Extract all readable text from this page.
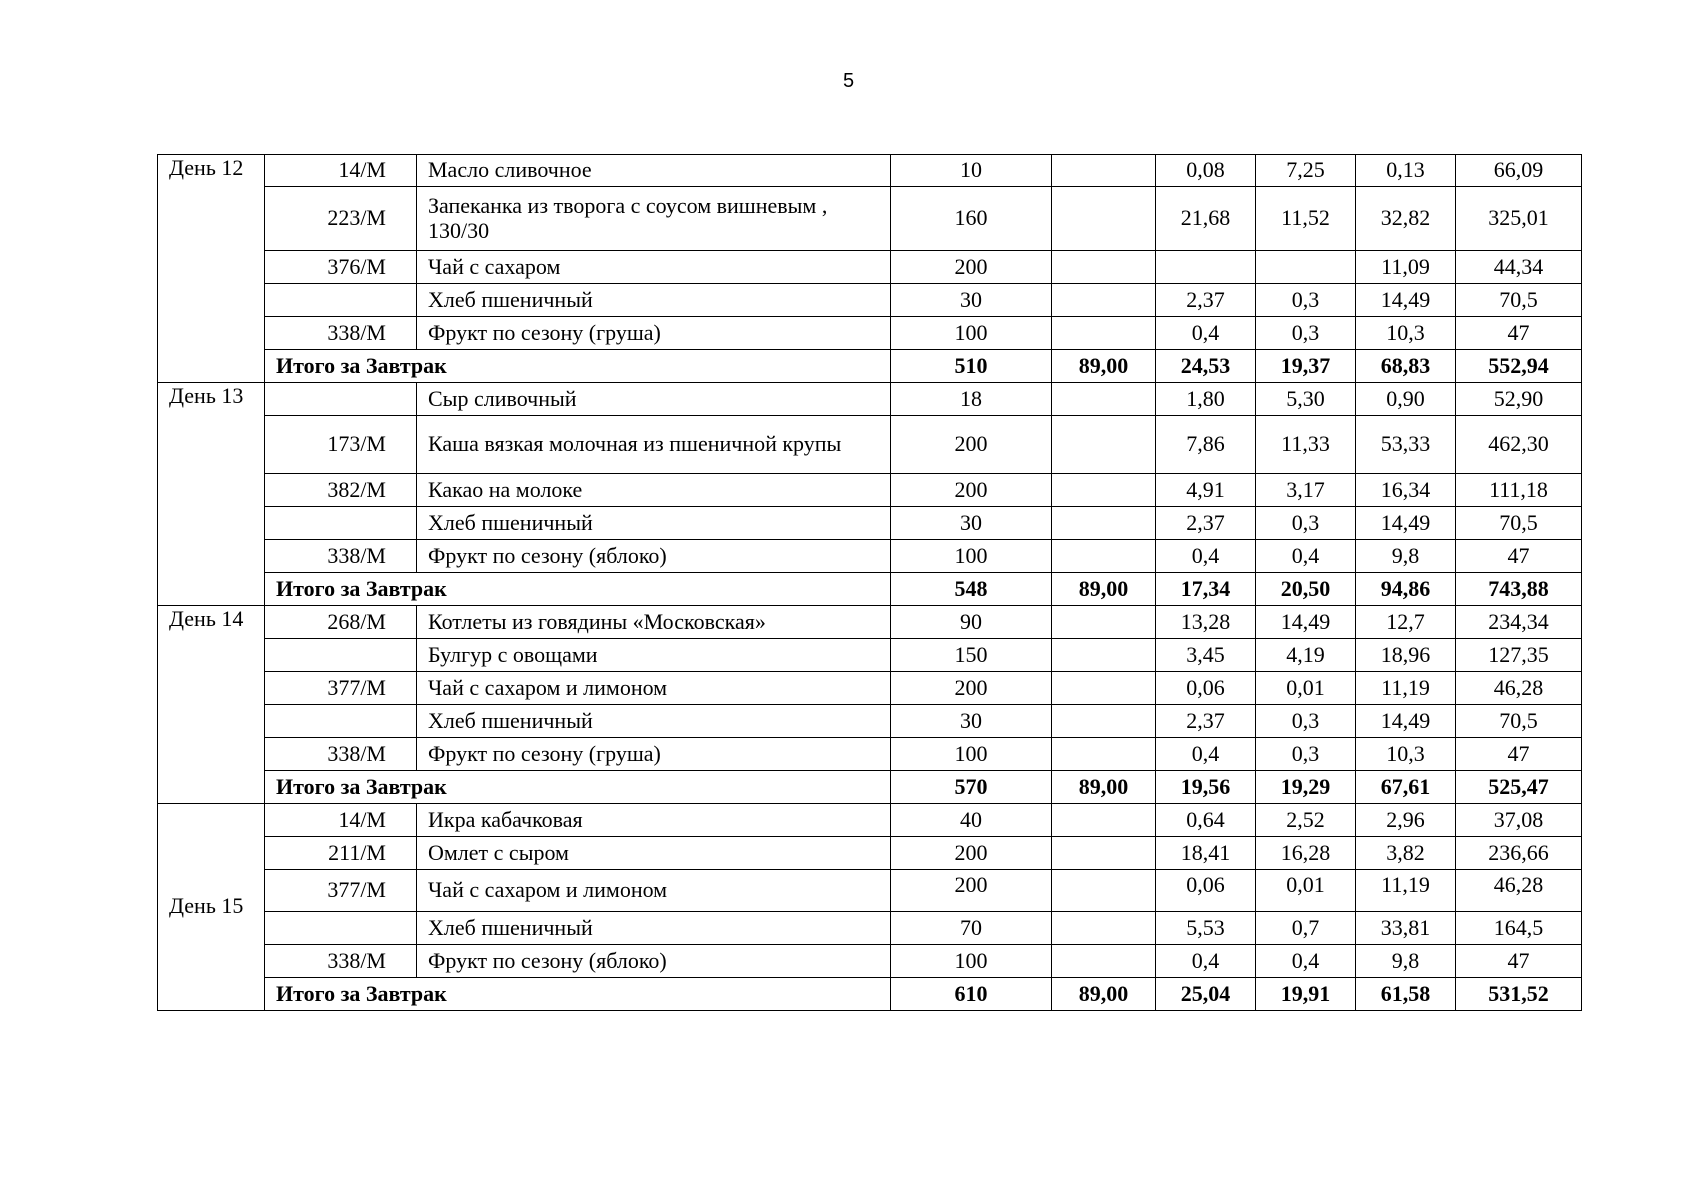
5
День 12	14/М	Масло сливочное	10		0,08	7,25	0,13	66,09
	223/М	Запеканка из творога с соусом вишневым , 130/30	160		21,68	11,52	32,82	325,01
	376/М	Чай с сахаром	200				11,09	44,34
		Хлеб пшеничный	30		2,37	0,3	14,49	70,5
	338/М	Фрукт по сезону (груша)	100		0,4	0,3	10,3	47
	Итого за Завтрак		510	89,00	24,53	19,37	68,83	552,94
День 13		Сыр сливочный	18		1,80	5,30	0,90	52,90
	173/М	Каша вязкая молочная из пшеничной крупы	200		7,86	11,33	53,33	462,30
	382/М	Какао на молоке	200		4,91	3,17	16,34	111,18
		Хлеб пшеничный	30		2,37	0,3	14,49	70,5
	338/М	Фрукт по сезону (яблоко)	100		0,4	0,4	9,8	47
	Итого за Завтрак		548	89,00	17,34	20,50	94,86	743,88
День 14	268/М	Котлеты из говядины «Московская»	90		13,28	14,49	12,7	234,34
		Булгур с овощами	150		3,45	4,19	18,96	127,35
	377/М	Чай с сахаром и лимоном	200		0,06	0,01	11,19	46,28
		Хлеб пшеничный	30		2,37	0,3	14,49	70,5
	338/М	Фрукт по сезону (груша)	100		0,4	0,3	10,3	47
	Итого за Завтрак		570	89,00	19,56	19,29	67,61	525,47
День 15	14/М	Икра кабачковая	40		0,64	2,52	2,96	37,08
	211/М	Омлет с сыром	200		18,41	16,28	3,82	236,66
	377/М	Чай с сахаром и лимоном	200		0,06	0,01	11,19	46,28
		Хлеб пшеничный	70		5,53	0,7	33,81	164,5
	338/М	Фрукт по сезону (яблоко)	100		0,4	0,4	9,8	47
	Итого за Завтрак		610	89,00	25,04	19,91	61,58	531,52
